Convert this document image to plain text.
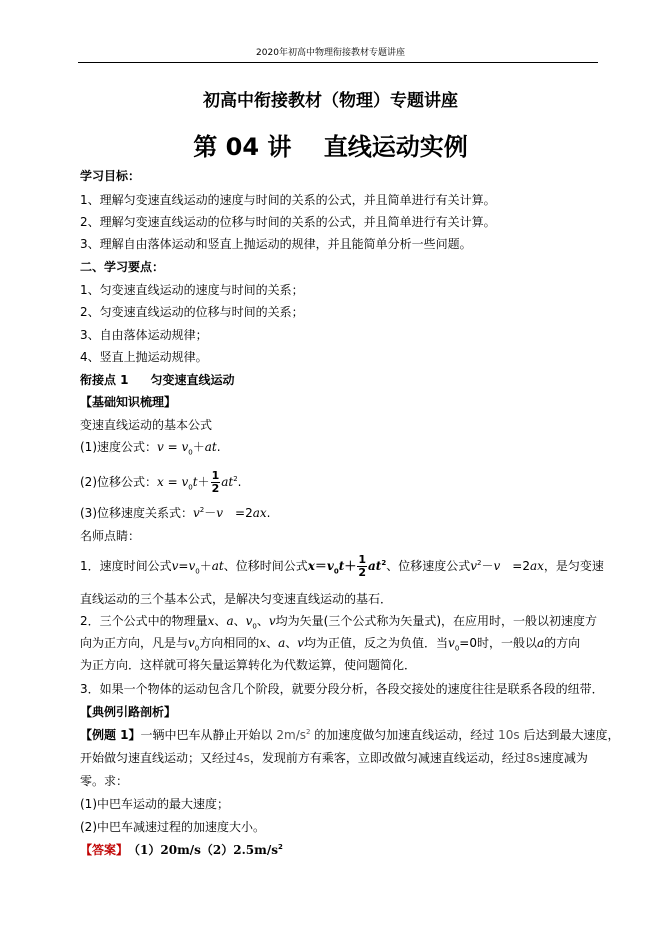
2020年初高中物理衔接教材专题讲座
初高中衔接教材（物理）专题讲座
第 04 讲　 直线运动实例
学习目标：
1、理解匀变速直线运动的速度与时间的关系的公式，并且简单进行有关计算。
2、理解匀变速直线运动的位移与时间的关系的公式，并且简单进行有关计算。
3、理解自由落体运动和竖直上抛运动的规律，并且能简单分析一些问题。
二、学习要点：
1、匀变速直线运动的速度与时间的关系；
2、匀变速直线运动的位移与时间的关系；
3、自由落体运动规律；
4、竖直上抛运动规律。
衔接点 1 匀变速直线运动
【基础知识梳理】
变速直线运动的基本公式
(1)速度公式：$v = v_0+at$.
(2)位移公式：$x = v_0t+ \frac{1}{2} at^2$.
(3)位移速度关系式：$v^2-v$　=2ax.
名师点睛：
1．速度时间公式$v=v_0+at$、位移时间公式$x=v_0t+ \frac{1}{2} at^2$、位移速度公式$v^2-v$　=2ax，是匀变速
直线运动的三个基本公式，是解决匀变速直线运动的基石．
2．三个公式中的物理量x、a、$v_0$、v均为矢量(三个公式称为矢量式)，在应用时，一般以初速度方
向为正方向，凡是与$v_0$方向相同的x、a、v均为正值，反之为负值．当$v_0=0$时，一般以a的方向
为正方向．这样就可将矢量运算转化为代数运算，使问题简化．
3．如果一个物体的运动包含几个阶段，就要分段分析，各段交接处的速度往往是联系各段的纽带．
【典例引路剖析】
【例题 1】一辆中巴车从静止开始以 $2m/s^2$ 的加速度做匀加速直线运动，经过 10s 后达到最大速度，
开始做匀速直线运动；又经过4s，发现前方有乘客，立即改做匀减速直线运动，经过8s速度减为
零。求：
(1)中巴车运动的最大速度；
(2)中巴车减速过程的加速度大小。
【答案】　 $(1)20m/s(2)2.5m/s^2$
